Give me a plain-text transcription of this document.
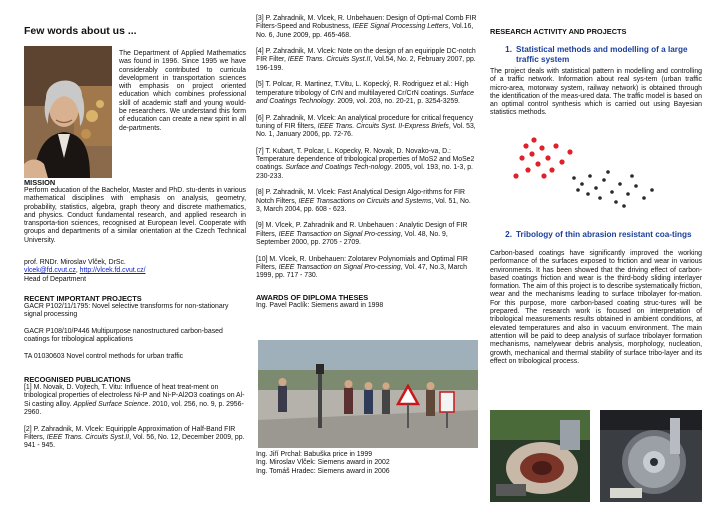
Few words about us ...

The Department of Applied Mathematics was found in 1996. Since 1995 we have considerably contributed to curricula development in transportation sciences with emphasis on project oriented education which combines professional skill of academic staff and young would-be researchers. We understand this form of education can create a new spirit in all de-partments.

MISSION

Perform education of the Bachelor, Master and PhD. stu-dents in various mathematical disciplines with emphasis on analysis, geometry, probability, statistics, algebra, graph theory and discrete mathematics, and physics. Conduct fundamental research, and applied research in transporta-tion sciences, recognised at European level. Cooperate with groups and departments of a similar orientation at the Czech Technical University.

prof. RNDr. Miroslav Vlček, DrSc.

vlcek@fd.cvut.cz, http://vlcek.fd.cvut.cz/

Head of Department

RECENT IMPORTANT PROJECTS

GACR P102/11/1795: Novel selective transforms for non-stationary signal processing

GACR P108/10/P446 Multipurpose nanostructured carbon-based coatings for tribological applications

TA 01030603 Novel control methods for urban traffic

RECOGNISED PUBLICATIONS

[1] M. Novak, D. Vojtech, T. Vitu: Influence of heat treat-ment on tribological properties of electroless Ni-P and Ni-P-Al2O3 coatings on Al-Si casting alloy. Applied Surface Science. 2010, vol. 256, no. 9, p. 2956-2960.

[2] P. Zahradnik, M. Vlcek: Equiripple Approximation of Half-Band FIR Filters, IEEE Trans. Circuits Syst.II, Vol. 56, No. 12, December 2009, pp. 941 - 945.

[3] P. Zahradnik, M. Vlcek, R. Unbehauen: Design of Opti-mal Comb FIR Filters-Speed and Robustness, IEEE Signal Processing Letters, Vol.16, No. 6, June 2009, pp. 465-468.

[4] P. Zahradnik, M. Vlcek: Note on the design of an equiripple DC-notch FIR Filter, IEEE Trans. Circuits Syst.II, Vol.54, No. 2, February 2007, pp. 196-199.

[5] T. Polcar, R. Martinez, T.Vitu, L. Kopecký, R. Rodriguez et al.: High temperature tribology of CrN and multilayered Cr/CrN coatings. Surface and Coatings Technology. 2009, vol. 203, no. 20-21, p. 3254-3259.

[6] P. Zahradnik, M. Vlcek: An analytical procedure for critical frequency tuning of FIR filters, IEEE Trans. Circuits Syst. II-Express Briefs, Vol. 53, No. 1, January 2006, pp. 72-76.

[7] T. Kubart, T. Polcar, L. Kopecky, R. Novak, D. Novako-va, D.: Temperature dependence of tribological properties of MoS2 and MoSe2 coatings. Surface and Coatings Tech-nology. 2005, vol. 193, no. 1-3, p. 230-233.

[8] P. Zahradnik, M. Vlcek: Fast Analytical Design Algo-rithms for FIR Notch Filters, IEEE Transactions on Circuits and Systems, Vol. 51, No. 3, March 2004, pp. 608 - 623.

[9] M. Vlcek, P. Zahradnik and R. Unbehauen : Analytic Design of FIR Filters, IEEE Transaction on Signal Pro-cessing, Vol. 48, No. 9, September 2000, pp. 2705 - 2709.

[10] M. Vlcek, R. Unbehauen: Zolotarev Polynomials and Optimal FIR Filters, IEEE Transaction on Signal Pro-cessing, Vol. 47, No.3, March 1999, pp. 717 - 730.

AWARDS OF DIPLOMA THESES

Ing. Pavel Paclík: Siemens award in 1998

Ing. Jiří Prchal: Babuška price in 1999

Ing. Miroslav Vlček: Siemens award in 2002

Ing. Tomáš Hradec: Siemens award in 2006

RESEARCH ACTIVITY AND PROJECTS

1. Statistical methods and modelling of a large traffic system

The project deals with statistical pattern in modelling and controlling of a traffic network. Information about real sys-tem (urban traffic micro-area, motorway system, railway network) is obtained through the identification of the meas-ured data. The traffic model is based on an optimal control synthesis which is carried out using Bayesian statistics methods.

2. Tribology of thin abrasion resistant coa-tings

Carbon-based coatings have significantly improved the working performance of the surfaces exposed to friction and wear in various environments. It has been showed that the driving effect of carbon-based coatings friction and wear is the third-body sliding interlayer formation. The aim of this project is to describe systematically friction, wear and the mechanisms leading to surface tribolayer for-mation. For this purpose, more carbon-based coating struc-tures will be prepared. The research work is focused on interpretation of tribological measurements results obtained in ambient conditions, at elevated temperatures and also in vacuum environment. The main attention will be paid to deep analysis of surface tribolayer formation mechanisms, namelywear debris analysis, morphology, nucleation, growth, mechanical and thermal stability of surface tribo-layer and its effect on tribological process.
